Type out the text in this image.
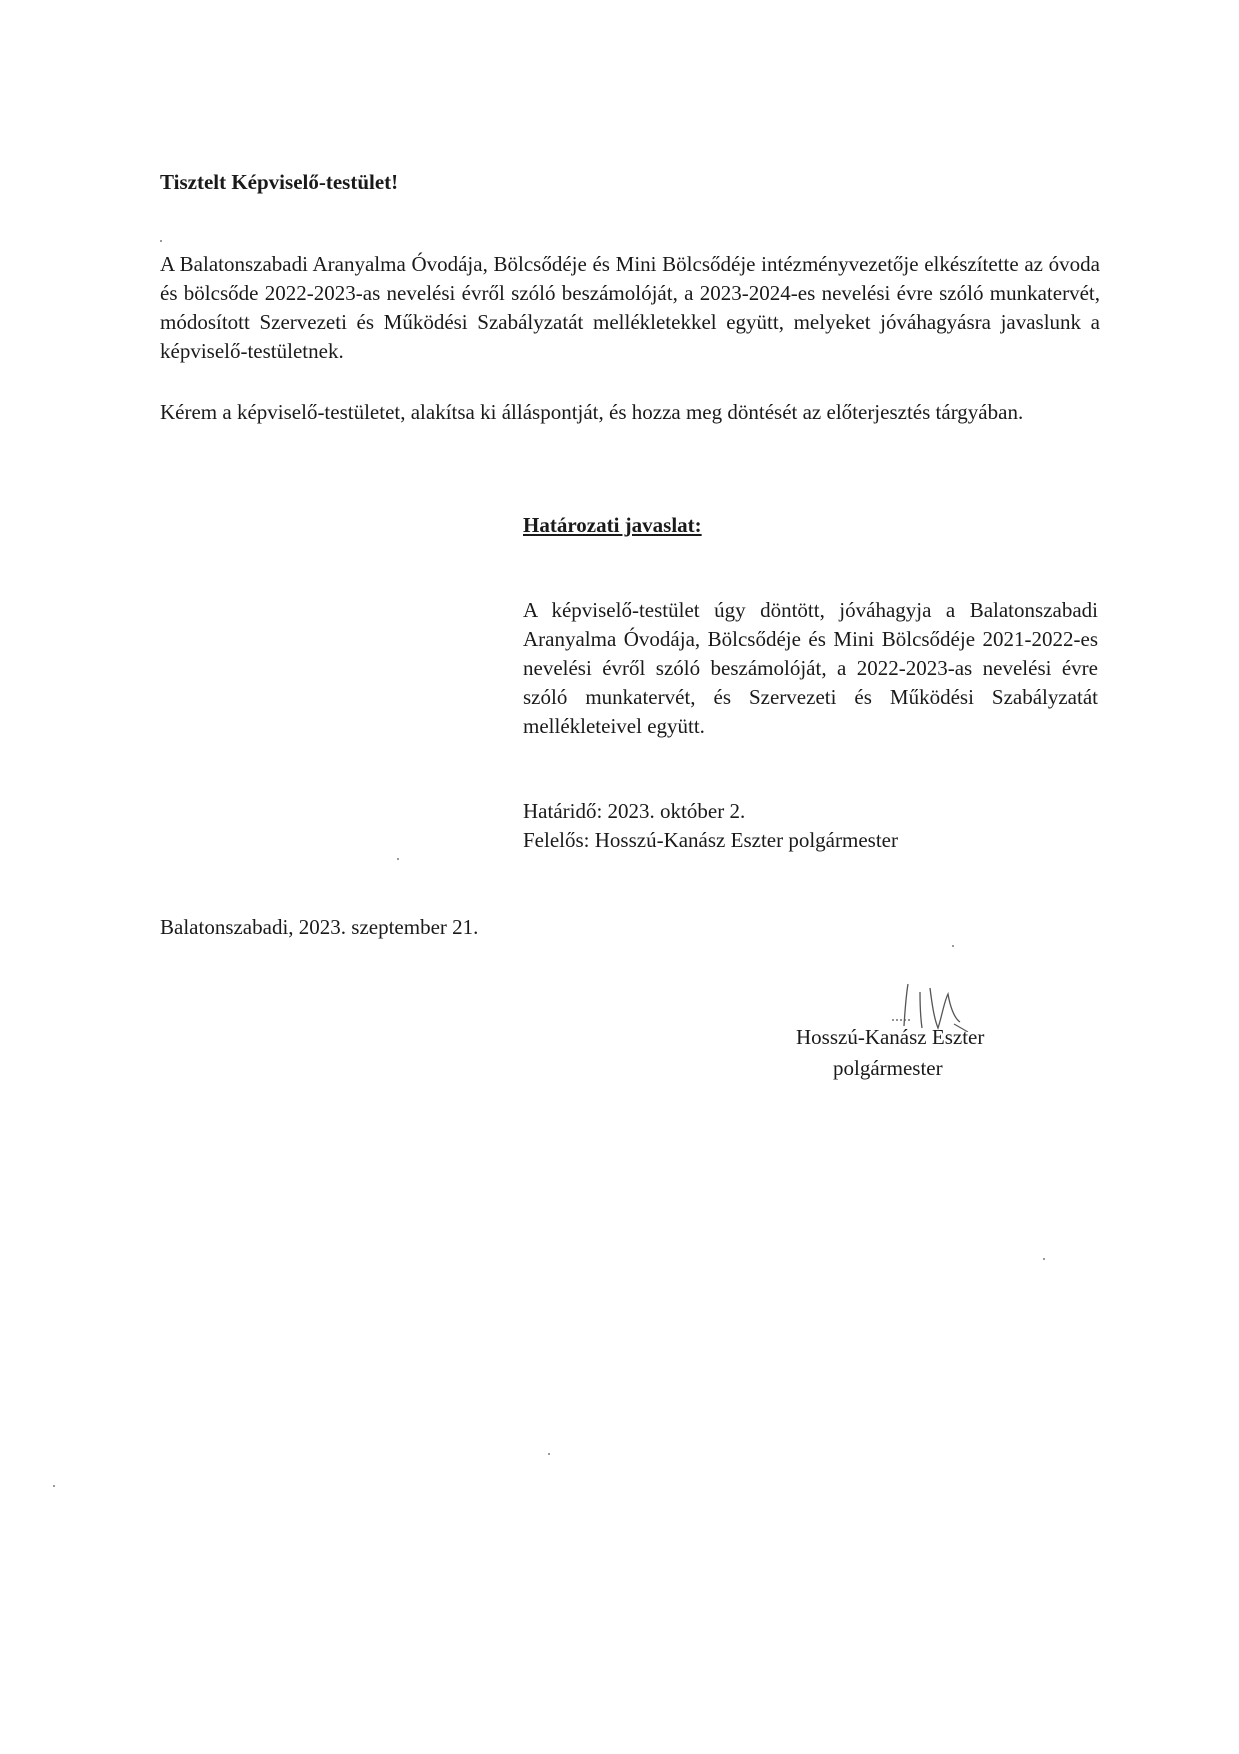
Tisztelt Képviselő-testület!

A Balatonszabadi Aranyalma Óvodája, Bölcsődéje és Mini Bölcsődéje intézményvezetője elkészítette az óvoda és bölcsőde 2022-2023-as nevelési évről szóló beszámolóját, a 2023-2024-es nevelési évre szóló munkatervét, módosított Szervezeti és Működési Szabályzatát mellékletekkel együtt, melyeket jóváhagyásra javaslunk a képviselő-testületnek.

Kérem a képviselő-testületet, alakítsa ki álláspontját, és hozza meg döntését az előterjesztés tárgyában.

Határozati javaslat:

A képviselő-testület úgy döntött, jóváhagyja a Balatonszabadi Aranyalma Óvodája, Bölcsődéje és Mini Bölcsődéje 2021-2022-es nevelési évről szóló beszámolóját, a 2022-2023-as nevelési évre szóló munkatervét, és Szervezeti és Működési Szabályzatát mellékleteivel együtt.

Határidő: 2023. október 2.

Felelős: Hosszú-Kanász Eszter polgármester

Balatonszabadi, 2023. szeptember 21.

Hosszú-Kanász Eszter

polgármester
